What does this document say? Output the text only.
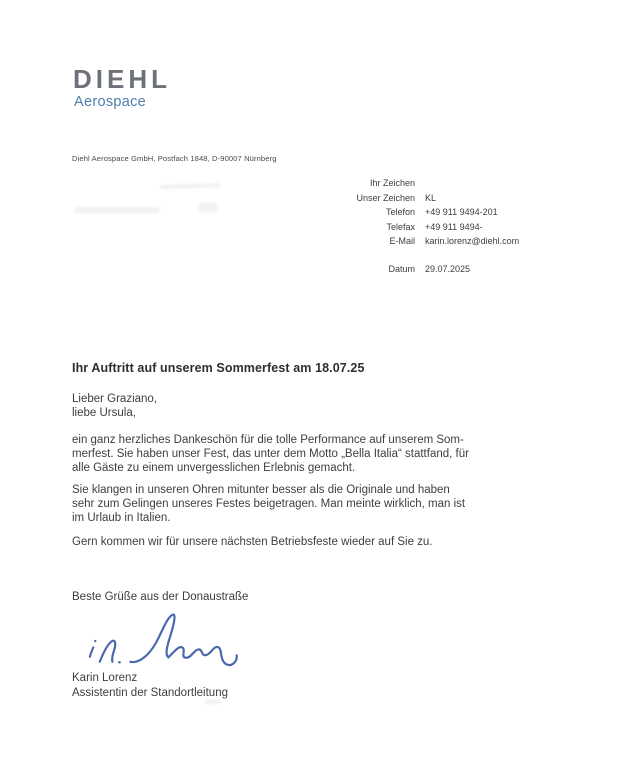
DIEHL
Aerospace
Diehl Aerospace GmbH, Postfach 1848, D-90007 Nürnberg
Ihr Zeichen
Unser Zeichen KL
Telefon +49 911 9494-201
Telefax +49 911 9494-
E-Mail karin.lorenz@diehl.com
Datum 29.07.2025
Ihr Auftritt auf unserem Sommerfest am 18.07.25
Lieber Graziano,
liebe Ursula,
ein ganz herzliches Dankeschön für die tolle Performance auf unserem Som-
merfest. Sie haben unser Fest, das unter dem Motto „Bella Italia“ stattfand, für
alle Gäste zu einem unvergesslichen Erlebnis gemacht.
Sie klangen in unseren Ohren mitunter besser als die Originale und haben
sehr zum Gelingen unseres Festes beigetragen. Man meinte wirklich, man ist
im Urlaub in Italien.
Gern kommen wir für unsere nächsten Betriebsfeste wieder auf Sie zu.
Beste Grüße aus der Donaustraße
Karin Lorenz
Assistentin der Standortleitung
